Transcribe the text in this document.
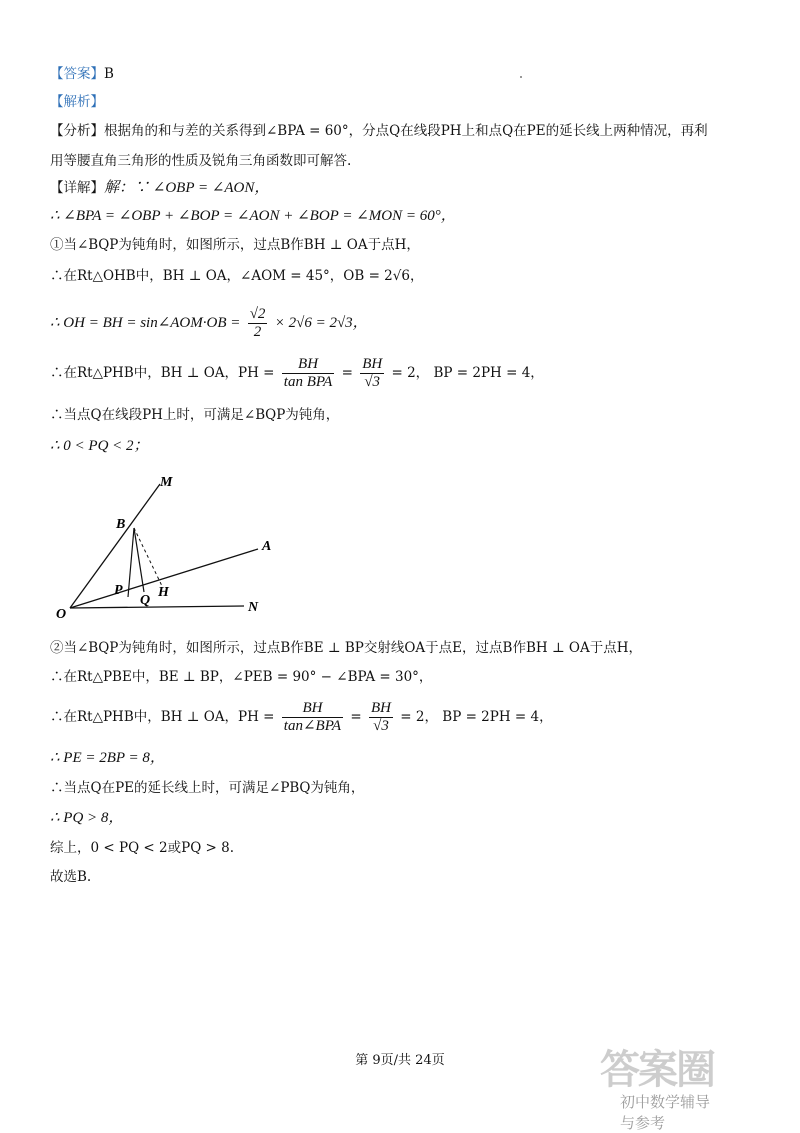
【答案】B
【解析】
【分析】根据角的和与差的关系得到∠BPA = 60°，分点Q在线段PH上和点Q在PE的延长线上两种情况，再利
用等腰直角三角形的性质及锐角三角函数即可解答.
【详解】解：∵ ∠OBP = ∠AON，
∴ ∠BPA = ∠OBP + ∠BOP = ∠AON + ∠BOP = ∠MON = 60°，
①当∠BQP为钝角时，如图所示，过点B作BH ⊥ OA于点H，
∴在Rt△OHB中，BH ⊥ OA，∠AOM = 45°，OB = 2√6，
∴ OH = BH = sin∠AOM·OB = $\frac{√2}{2} \times 2√6 = 2√3$，
∴在Rt△PHB中，BH ⊥ OA，PH = $\frac{BH}{\text{tan BPA}} = \frac{BH}{√3} = 2$， BP = 2PH = 4，
∴当点Q在线段PH上时，可满足∠BQP为钝角，
∴ 0 < PQ < 2；
M
B
A
P
Q
H
O	N
②当∠BQP为钝角时，如图所示，过点B作BE ⊥ BP交射线OA于点E，过点B作BH ⊥ OA于点H，
∴在Rt△PBE中，BE ⊥ BP，∠PEB = 90° − ∠BPA = 30°，
∴在Rt△PHB中，BH ⊥ OA，PH = $\frac{BH}{\text{tan∠BPA}} = \frac{BH}{√3} = 2$， BP = 2PH = 4，
∴ PE = 2BP = 8，
∴当点Q在PE的延长线上时，可满足∠PBQ为钝角，
∴ PQ > 8，
综上，0 < PQ < 2或PQ > 8.
故选B.
第 9页/共 24页	答案圈
初中数学辅导与参考
